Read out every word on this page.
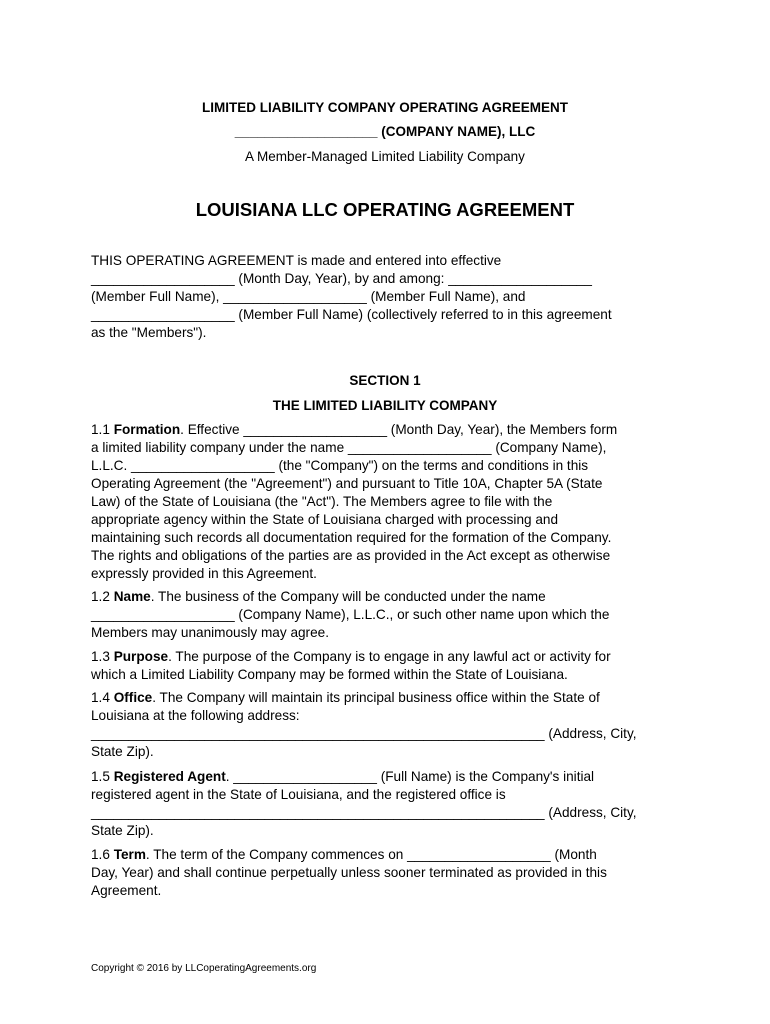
LIMITED LIABILITY COMPANY OPERATING AGREEMENT
___________________ (COMPANY NAME), LLC
A Member-Managed Limited Liability Company
LOUISIANA LLC OPERATING AGREEMENT
THIS OPERATING AGREEMENT is made and entered into effective
___________________ (Month Day, Year), by and among: ___________________
(Member Full Name), ___________________ (Member Full Name), and
___________________ (Member Full Name) (collectively referred to in this agreement
as the "Members").
SECTION 1
THE LIMITED LIABILITY COMPANY
1.1 Formation. Effective ___________________ (Month Day, Year), the Members form
a limited liability company under the name ___________________ (Company Name),
L.L.C. ___________________ (the "Company") on the terms and conditions in this
Operating Agreement (the "Agreement") and pursuant to Title 10A, Chapter 5A (State
Law) of the State of Louisiana (the "Act"). The Members agree to file with the
appropriate agency within the State of Louisiana charged with processing and
maintaining such records all documentation required for the formation of the Company.
The rights and obligations of the parties are as provided in the Act except as otherwise
expressly provided in this Agreement.
1.2 Name. The business of the Company will be conducted under the name
___________________ (Company Name), L.L.C., or such other name upon which the
Members may unanimously may agree.
1.3 Purpose. The purpose of the Company is to engage in any lawful act or activity for
which a Limited Liability Company may be formed within the State of Louisiana.
1.4 Office. The Company will maintain its principal business office within the State of
Louisiana at the following address:
____________________________________________________________ (Address, City,
State Zip).
1.5 Registered Agent. ___________________ (Full Name) is the Company's initial
registered agent in the State of Louisiana, and the registered office is
____________________________________________________________ (Address, City,
State Zip).
1.6 Term. The term of the Company commences on ___________________ (Month
Day, Year) and shall continue perpetually unless sooner terminated as provided in this
Agreement.
Copyright © 2016 by LLCoperatingAgreements.org
